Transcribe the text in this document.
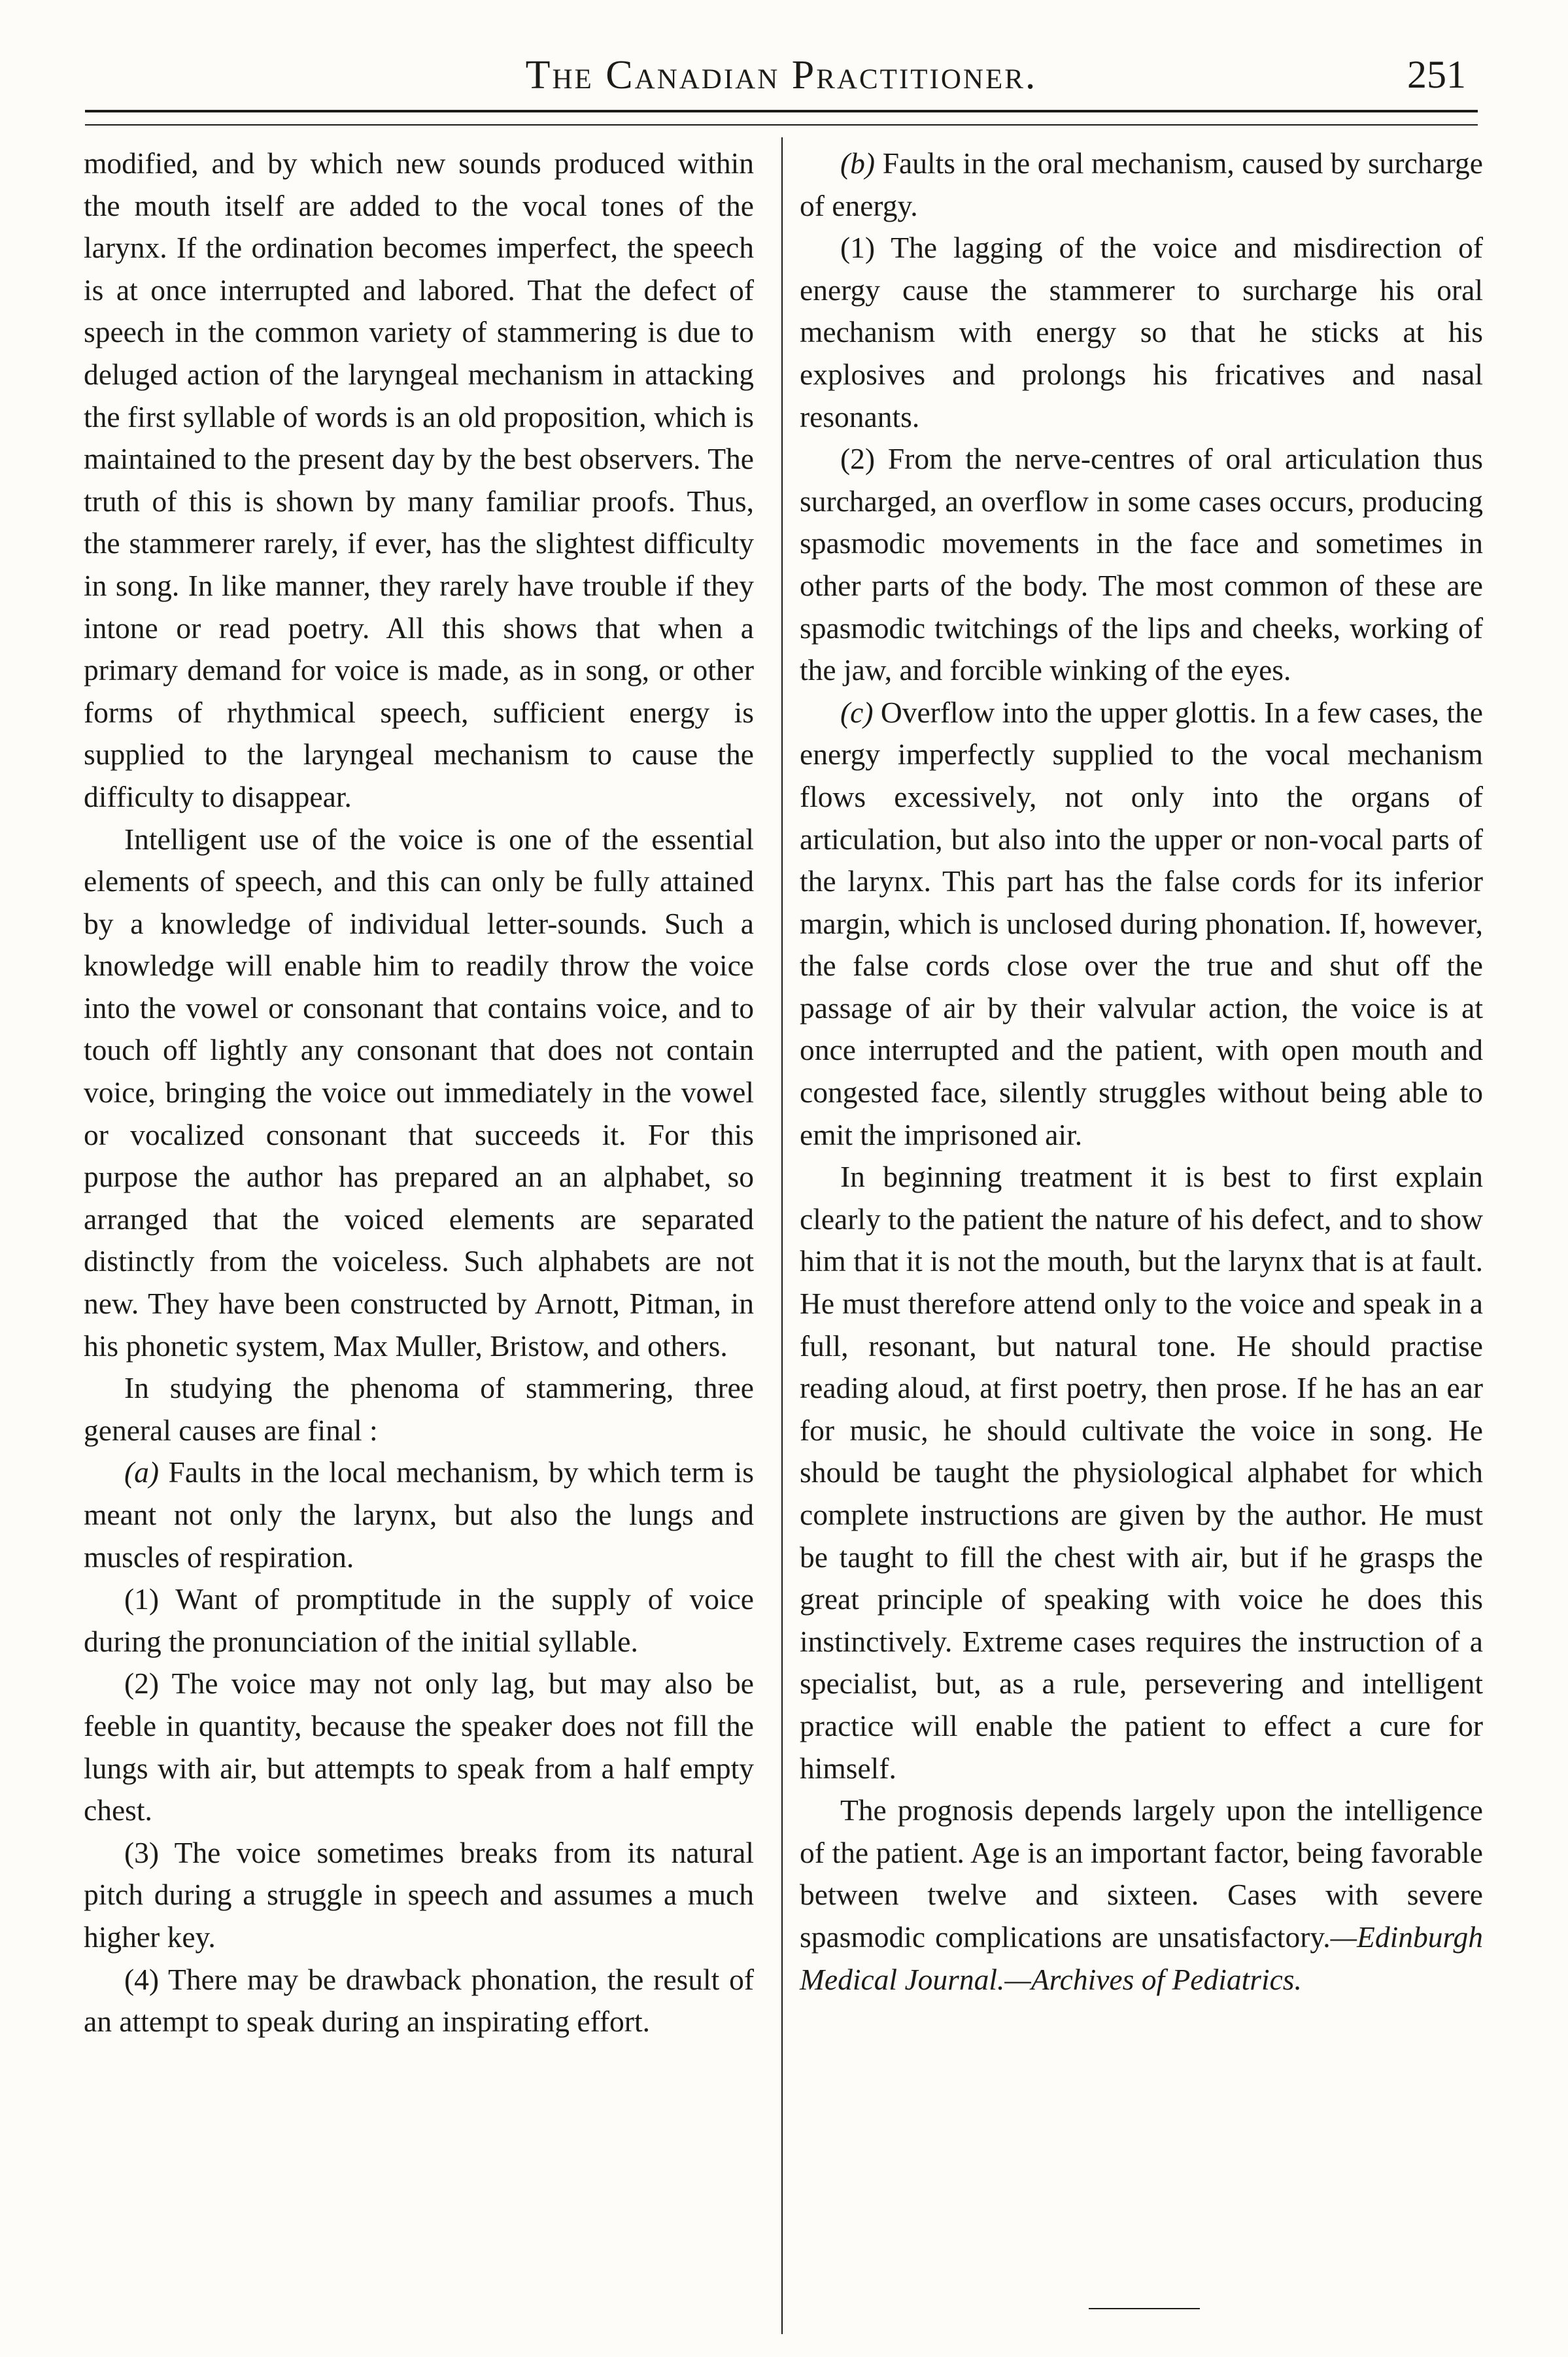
The Canadian Practitioner.	251

modified, and by which new sounds produced within the mouth itself are added to the vocal tones of the larynx. If the ordination becomes imperfect, the speech is at once interrupted and labored. That the defect of speech in the common variety of stammering is due to deluged action of the laryngeal mechanism in attacking the first syllable of words is an old proposition, which is maintained to the present day by the best observers. The truth of this is shown by many familiar proofs. Thus, the stammerer rarely, if ever, has the slightest difficulty in song. In like manner, they rarely have trouble if they intone or read poetry. All this shows that when a primary demand for voice is made, as in song, or other forms of rhythmical speech, sufficient energy is supplied to the laryngeal mechanism to cause the difficulty to disappear.

Intelligent use of the voice is one of the essential elements of speech, and this can only be fully attained by a knowledge of individual letter-sounds. Such a knowledge will enable him to readily throw the voice into the vowel or consonant that contains voice, and to touch off lightly any consonant that does not contain voice, bringing the voice out immediately in the vowel or vocalized consonant that succeeds it. For this purpose the author has prepared an an alphabet, so arranged that the voiced elements are separated distinctly from the voiceless. Such alphabets are not new. They have been constructed by Arnott, Pitman, in his phonetic system, Max Muller, Bristow, and others.

In studying the phenoma of stammering, three general causes are final :

(a) Faults in the local mechanism, by which term is meant not only the larynx, but also the lungs and muscles of respiration.

(1) Want of promptitude in the supply of voice during the pronunciation of the initial syllable.

(2) The voice may not only lag, but may also be feeble in quantity, because the speaker does not fill the lungs with air, but attempts to speak from a half empty chest.

(3) The voice sometimes breaks from its natural pitch during a struggle in speech and assumes a much higher key.

(4) There may be drawback phonation, the result of an attempt to speak during an inspirating effort.

(b) Faults in the oral mechanism, caused by surcharge of energy.

(1) The lagging of the voice and misdirection of energy cause the stammerer to surcharge his oral mechanism with energy so that he sticks at his explosives and prolongs his fricatives and nasal resonants.

(2) From the nerve-centres of oral articulation thus surcharged, an overflow in some cases occurs, producing spasmodic movements in the face and sometimes in other parts of the body. The most common of these are spasmodic twitchings of the lips and cheeks, working of the jaw, and forcible winking of the eyes.

(c) Overflow into the upper glottis. In a few cases, the energy imperfectly supplied to the vocal mechanism flows excessively, not only into the organs of articulation, but also into the upper or non-vocal parts of the larynx. This part has the false cords for its inferior margin, which is unclosed during phonation. If, however, the false cords close over the true and shut off the passage of air by their valvular action, the voice is at once interrupted and the patient, with open mouth and congested face, silently struggles without being able to emit the imprisoned air.

In beginning treatment it is best to first explain clearly to the patient the nature of his defect, and to show him that it is not the mouth, but the larynx that is at fault. He must therefore attend only to the voice and speak in a full, resonant, but natural tone. He should practise reading aloud, at first poetry, then prose. If he has an ear for music, he should cultivate the voice in song. He should be taught the physiological alphabet for which complete instructions are given by the author. He must be taught to fill the chest with air, but if he grasps the great principle of speaking with voice he does this instinctively. Extreme cases requires the instruction of a specialist, but, as a rule, persevering and intelligent practice will enable the patient to effect a cure for himself.

The prognosis depends largely upon the intelligence of the patient. Age is an important factor, being favorable between twelve and sixteen. Cases with severe spasmodic complications are unsatisfactory.—Edinburgh Medical Journal.—Archives of Pediatrics.
